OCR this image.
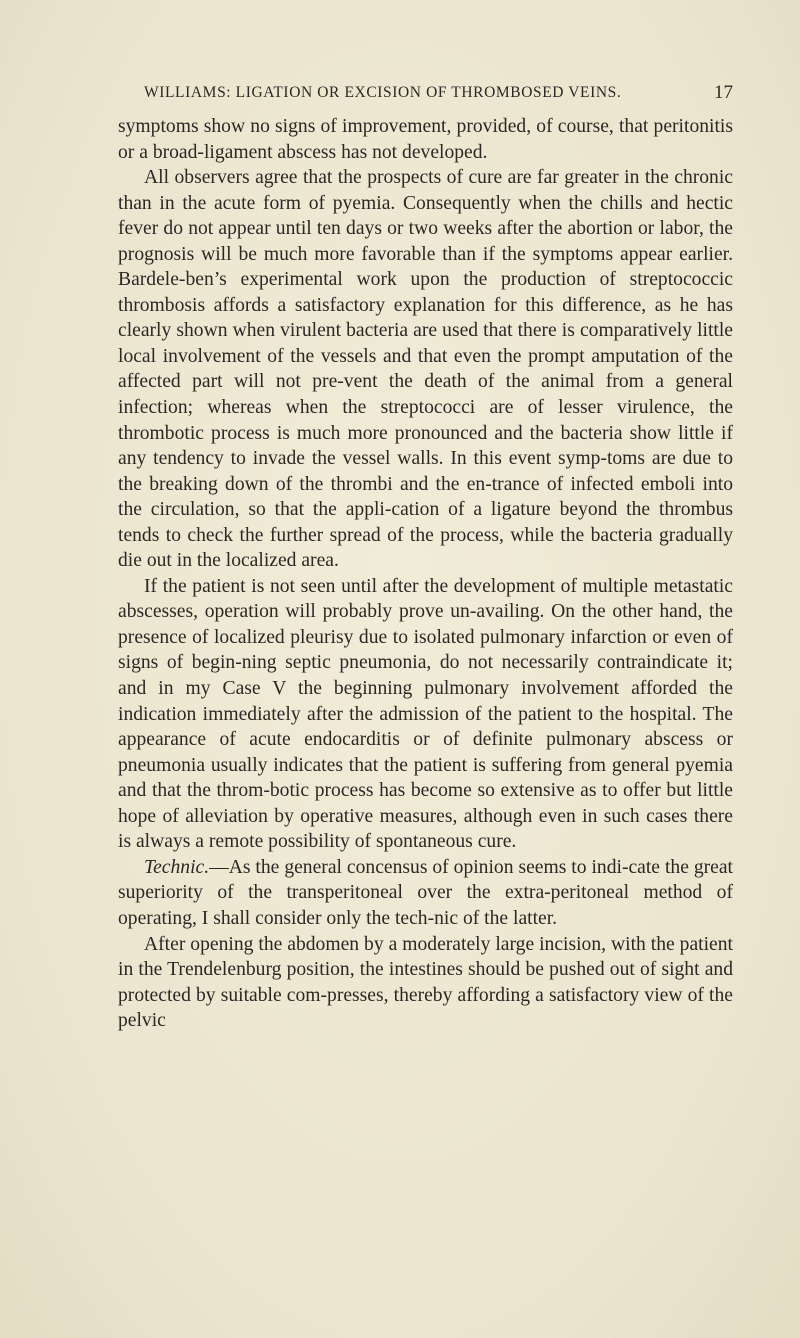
WILLIAMS: LIGATION OR EXCISION OF THROMBOSED VEINS.	17

symptoms show no signs of improvement, provided, of course, that peritonitis or a broad-ligament abscess has not developed.

All observers agree that the prospects of cure are far greater in the chronic than in the acute form of pyemia. Consequently when the chills and hectic fever do not appear until ten days or two weeks after the abortion or labor, the prognosis will be much more favorable than if the symptoms appear earlier. Bardele-ben’s experimental work upon the production of streptococcic thrombosis affords a satisfactory explanation for this difference, as he has clearly shown when virulent bacteria are used that there is comparatively little local involvement of the vessels and that even the prompt amputation of the affected part will not pre-vent the death of the animal from a general infection; whereas when the streptococci are of lesser virulence, the thrombotic process is much more pronounced and the bacteria show little if any tendency to invade the vessel walls. In this event symp-toms are due to the breaking down of the thrombi and the en-trance of infected emboli into the circulation, so that the appli-cation of a ligature beyond the thrombus tends to check the further spread of the process, while the bacteria gradually die out in the localized area.

If the patient is not seen until after the development of multiple metastatic abscesses, operation will probably prove un-availing. On the other hand, the presence of localized pleurisy due to isolated pulmonary infarction or even of signs of begin-ning septic pneumonia, do not necessarily contraindicate it; and in my Case V the beginning pulmonary involvement afforded the indication immediately after the admission of the patient to the hospital. The appearance of acute endocarditis or of definite pulmonary abscess or pneumonia usually indicates that the patient is suffering from general pyemia and that the throm-botic process has become so extensive as to offer but little hope of alleviation by operative measures, although even in such cases there is always a remote possibility of spontaneous cure.

Technic.—As the general concensus of opinion seems to indi-cate the great superiority of the transperitoneal over the extra-peritoneal method of operating, I shall consider only the tech-nic of the latter.

After opening the abdomen by a moderately large incision, with the patient in the Trendelenburg position, the intestines should be pushed out of sight and protected by suitable com-presses, thereby affording a satisfactory view of the pelvic
